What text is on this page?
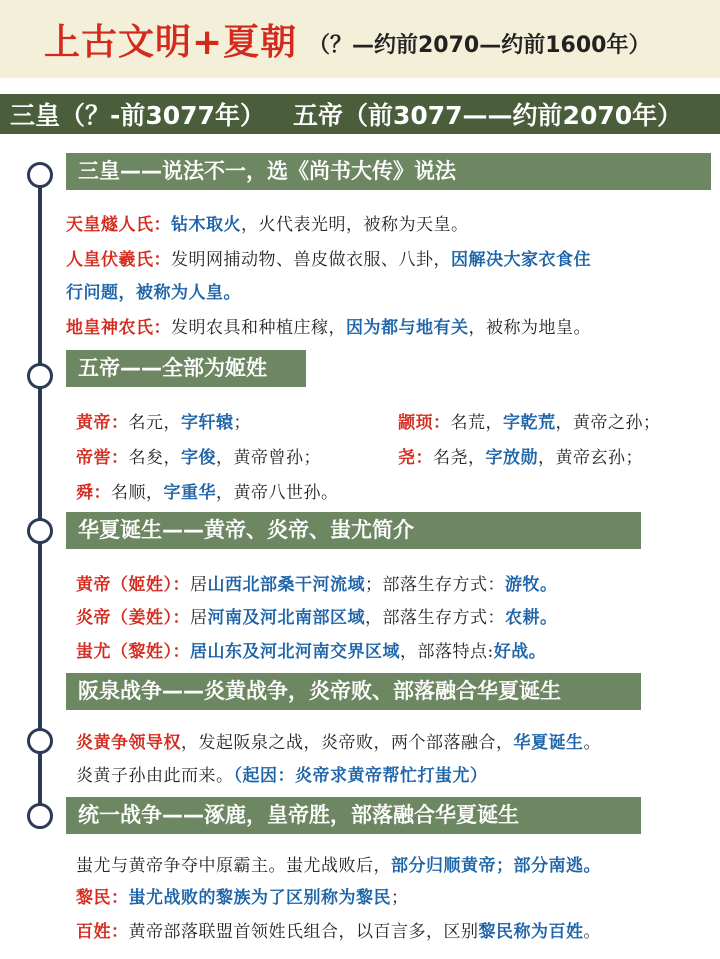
上古文明+夏朝 （？—约前2070—约前1600年）
三皇（？-前3077年） 五帝（前3077——约前2070年）
三皇——说法不一，选《尚书大传》说法
天皇燧人氏：钻木取火，火代表光明，被称为天皇。
人皇伏羲氏：发明网捕动物、兽皮做衣服、八卦，因解决大家衣食住
行问题，被称为人皇。
地皇神农氏：发明农具和种植庄稼，因为都与地有关，被称为地皇。
五帝——全部为姬姓
黄帝：名元，字轩辕；	颛顼：名荒，字乾荒，黄帝之孙；
帝喾：名夋，字俊，黄帝曾孙；	尧：名尧，字放勋，黄帝玄孙；
舜：名顺，字重华，黄帝八世孙。
华夏诞生——黄帝、炎帝、蚩尤简介
黄帝（姬姓）：居山西北部桑干河流域；部落生存方式：游牧。
炎帝（姜姓）：居河南及河北南部区域，部落生存方式：农耕。
蚩尤（黎姓）：居山东及河北河南交界区域，部落特点:好战。
阪泉战争——炎黄战争，炎帝败、部落融合华夏诞生
炎黄争领导权，发起阪泉之战，炎帝败，两个部落融合，华夏诞生。
炎黄子孙由此而来。（起因：炎帝求黄帝帮忙打蚩尤）
统一战争——涿鹿，皇帝胜，部落融合华夏诞生
蚩尤与黄帝争夺中原霸主。蚩尤战败后，部分归顺黄帝；部分南逃。
黎民：蚩尤战败的黎族为了区别称为黎民；
百姓：黄帝部落联盟首领姓氏组合，以百言多，区别黎民称为百姓。
